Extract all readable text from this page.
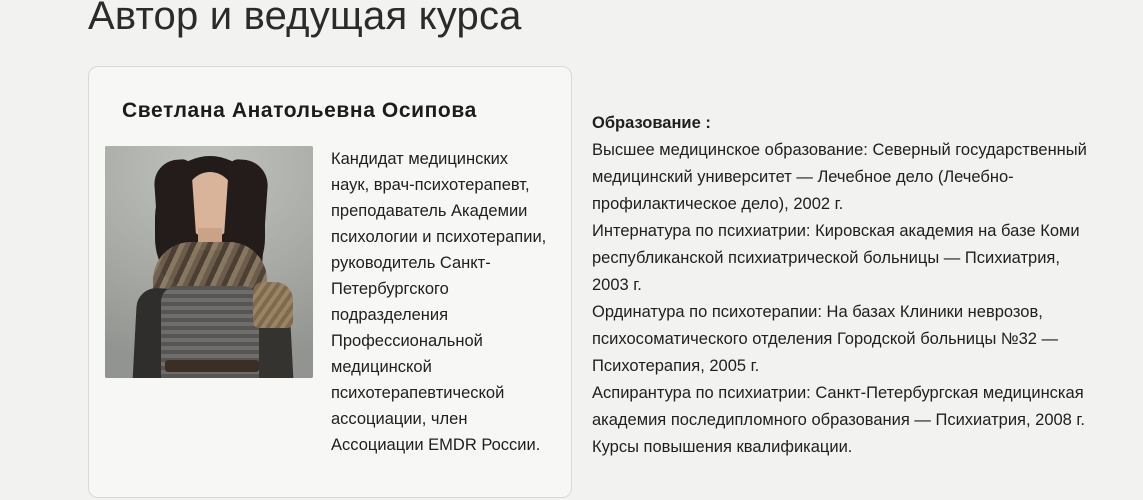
Автор и ведущая курса
Светлана Анатольевна Осипова
Кандидат медицинских наук, врач-психотерапевт, преподаватель Академии психологии и психотерапии, руководитель Санкт-Петербургского подразделения Профессиональной медицинской психотерапевтической ассоциации, член Ассоциации EMDR России.

Образование :

Высшее медицинское образование: Северный государственный медицинский университет — Лечебное дело (Лечебно-профилактическое дело), 2002 г.

Интернатура по психиатрии: Кировская академия на базе Коми республиканской психиатрической больницы — Психиатрия, 2003 г.

Ординатура по психотерапии: На базах Клиники неврозов, психосоматического отделения Городской больницы №32 — Психотерапия, 2005 г.

Аспирантура по психиатрии: Санкт-Петербургская медицинская академия последипломного образования — Психиатрия, 2008 г.

Курсы повышения квалификации.
